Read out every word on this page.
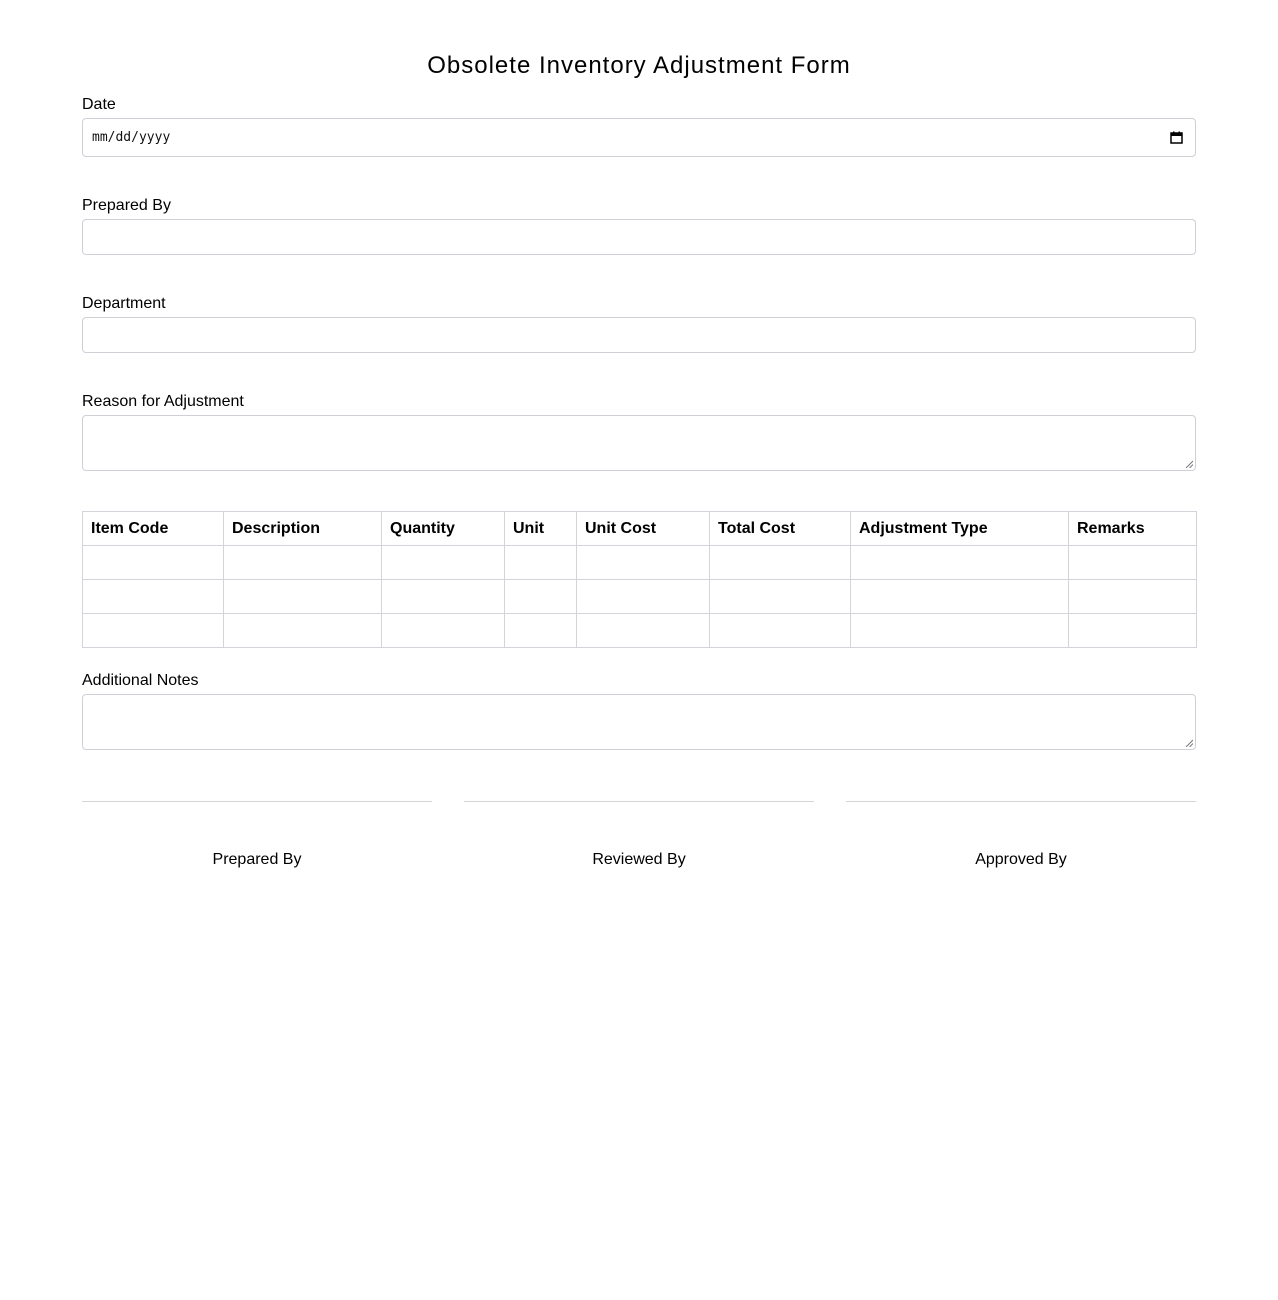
Obsolete Inventory Adjustment Form
Date
mm/dd/yyyy
Prepared By
Department
Reason for Adjustment
Item Code	Description	Quantity	Unit	Unit Cost	Total Cost	Adjustment Type	Remarks

Additional Notes
Prepared By	Reviewed By	Approved By
